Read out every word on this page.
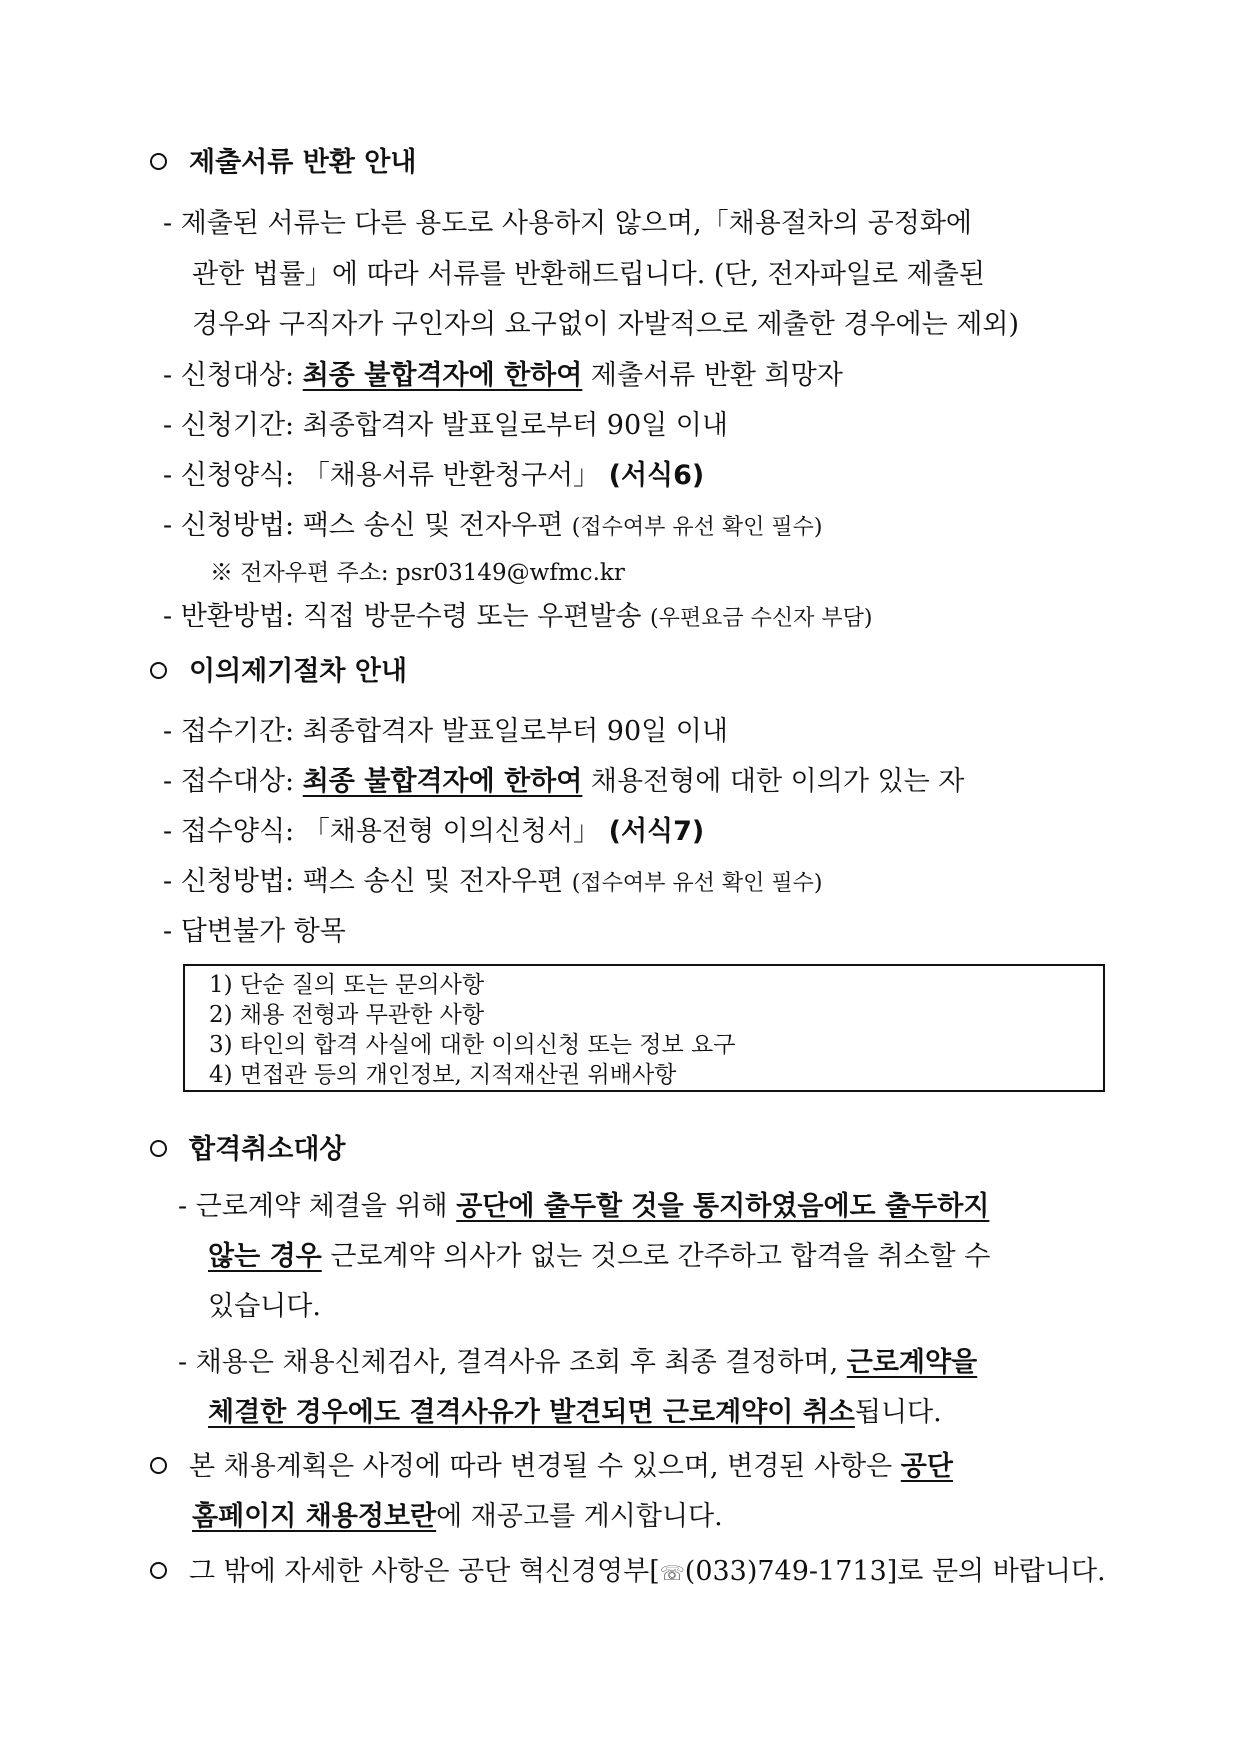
제출서류 반환 안내
- 제출된 서류는 다른 용도로 사용하지 않으며,「채용절차의 공정화에
관한 법률」에 따라 서류를 반환해드립니다. (단, 전자파일로 제출된
경우와 구직자가 구인자의 요구없이 자발적으로 제출한 경우에는 제외)
- 신청대상: 최종 불합격자에 한하여 제출서류 반환 희망자
- 신청기간: 최종합격자 발표일로부터 90일 이내
- 신청양식: 「채용서류 반환청구서」 (서식6)
- 신청방법: 팩스 송신 및 전자우편 (접수여부 유선 확인 필수)
※ 전자우편 주소: psr03149@wfmc.kr
- 반환방법: 직접 방문수령 또는 우편발송 (우편요금 수신자 부담)
이의제기절차 안내
- 접수기간: 최종합격자 발표일로부터 90일 이내
- 접수대상: 최종 불합격자에 한하여 채용전형에 대한 이의가 있는 자
- 접수양식: 「채용전형 이의신청서」 (서식7)
- 신청방법: 팩스 송신 및 전자우편 (접수여부 유선 확인 필수)
- 답변불가 항목
1) 단순 질의 또는 문의사항
2) 채용 전형과 무관한 사항
3) 타인의 합격 사실에 대한 이의신청 또는 정보 요구
4) 면접관 등의 개인정보, 지적재산권 위배사항
합격취소대상
- 근로계약 체결을 위해 공단에 출두할 것을 통지하였음에도 출두하지
않는 경우 근로계약 의사가 없는 것으로 간주하고 합격을 취소할 수
있습니다.
- 채용은 채용신체검사, 결격사유 조회 후 최종 결정하며, 근로계약을
체결한 경우에도 결격사유가 발견되면 근로계약이 취소됩니다.
본 채용계획은 사정에 따라 변경될 수 있으며, 변경된 사항은 공단
홈페이지 채용정보란에 재공고를 게시합니다.
그 밖에 자세한 사항은 공단 혁신경영부[☏(033)749-1713]로 문의 바랍니다.
